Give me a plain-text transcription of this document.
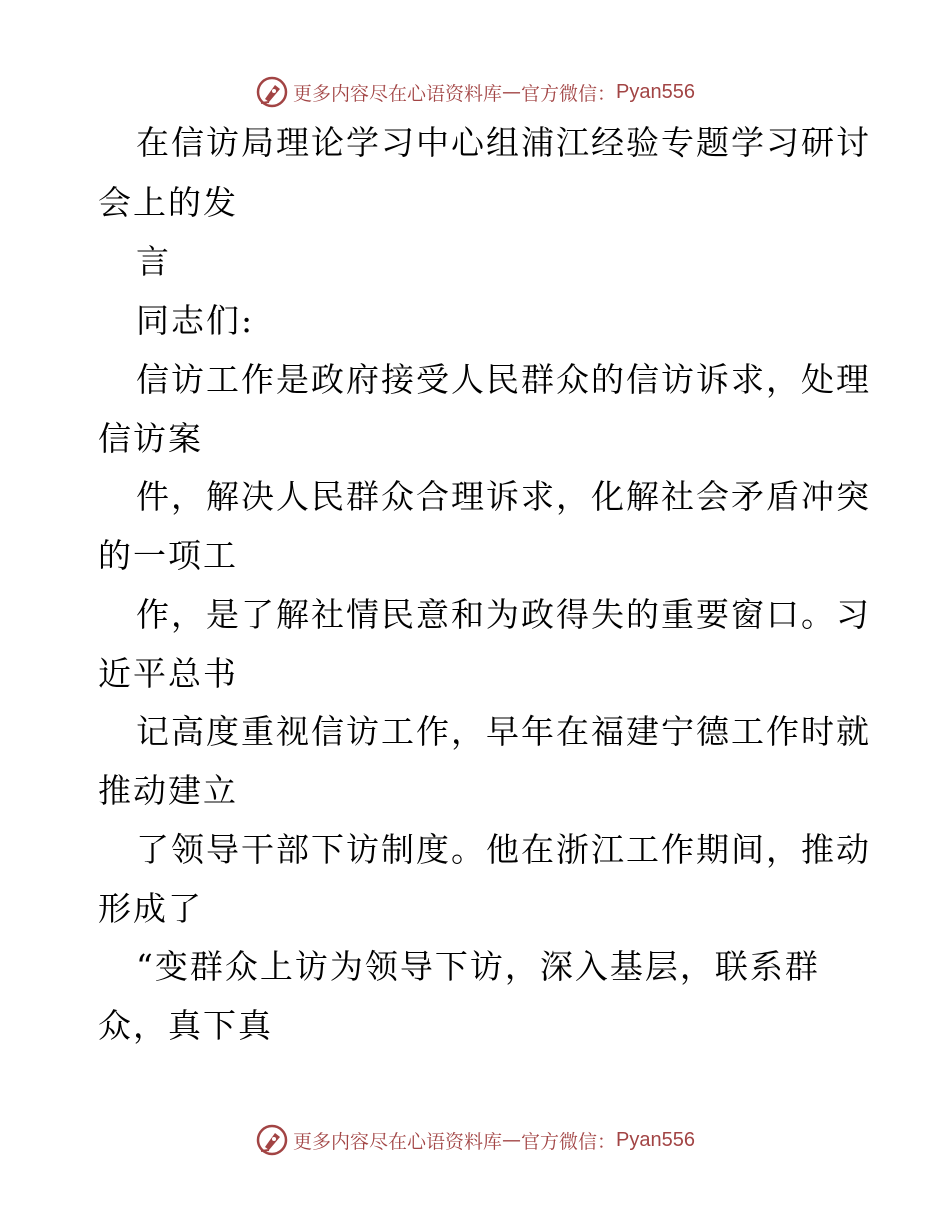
更多内容尽在心语资料库 — 官方微信： Pyan556
在信访局理论学习中心组浦江经验专题学习研讨
会上的发
言
同志们:
信访工作是政府接受人民群众的信访诉求，处理
信访案
件，解决人民群众合理诉求，化解社会矛盾冲突
的一项工
作，是了解社情民意和为政得失的重要窗口。习
近平总书
记高度重视信访工作，早年在福建宁德工作时就
推动建立
了领导干部下访制度。他在浙江工作期间，推动
形成了
“变群众上访为领导下访，深入基层，联系群
众，真下真
更多内容尽在心语资料库 — 官方微信： Pyan556
